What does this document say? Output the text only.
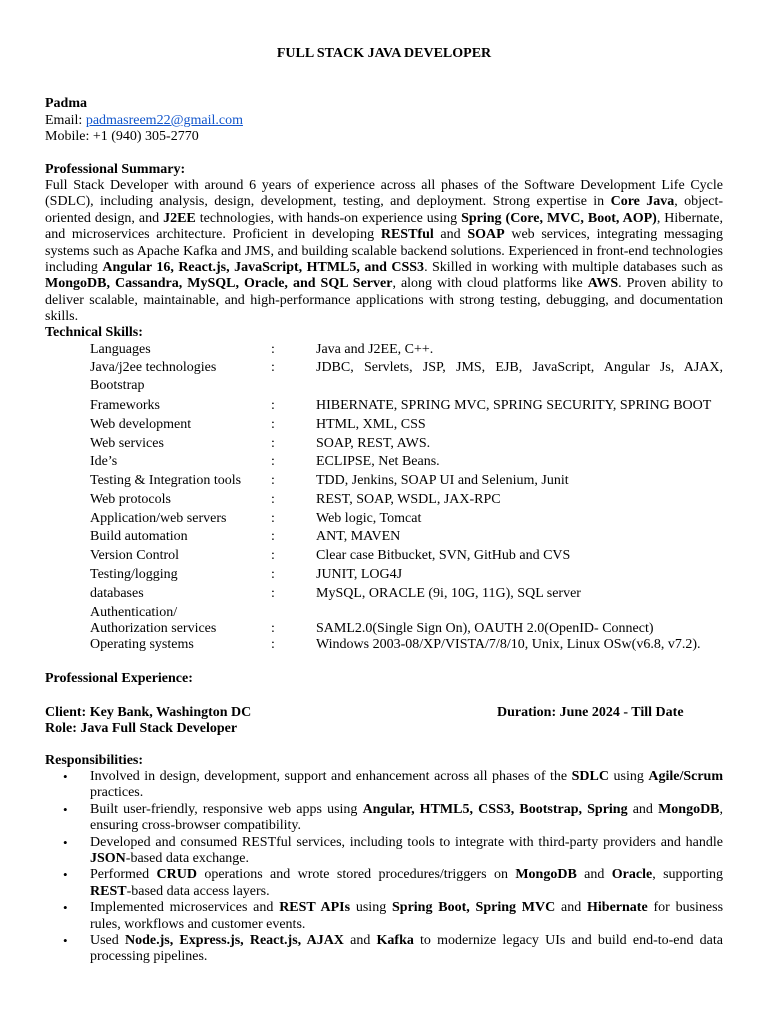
FULL STACK JAVA DEVELOPER
Padma
Email: padmasreem22@gmail.com
Mobile: +1 (940) 305-2770
Professional Summary:

Full Stack Developer with around 6 years of experience across all phases of the Software Development Life Cycle (SDLC), including analysis, design, development, testing, and deployment. Strong expertise in Core Java, object-oriented design, and J2EE technologies, with hands-on experience using Spring (Core, MVC, Boot, AOP), Hibernate, and microservices architecture. Proficient in developing RESTful and SOAP web services, integrating messaging systems such as Apache Kafka and JMS, and building scalable backend solutions. Experienced in front-end technologies including Angular 16, React.js, JavaScript, HTML5, and CSS3. Skilled in working with multiple databases such as MongoDB, Cassandra, MySQL, Oracle, and SQL Server, along with cloud platforms like AWS. Proven ability to deliver scalable, maintainable, and high-performance applications with strong testing, debugging, and documentation skills.

Technical Skills:
Languages	:	Java and J2EE, C++.
Java/j2ee technologies	:	JDBC, Servlets, JSP, JMS, EJB, JavaScript, Angular Js, AJAX,
Bootstrap
Frameworks	:	HIBERNATE, SPRING MVC, SPRING SECURITY, SPRING BOOT
Web development	:	HTML, XML, CSS
Web services	:	SOAP, REST, AWS.
Ide’s	:	ECLIPSE, Net Beans.
Testing & Integration tools :	TDD, Jenkins, SOAP UI and Selenium, Junit
Web protocols	:	REST, SOAP, WSDL, JAX-RPC
Application/web servers	:	Web logic, Tomcat
Build automation	:	ANT, MAVEN
Version Control	:	Clear case Bitbucket, SVN, GitHub and CVS
Testing/logging	:	JUNIT, LOG4J
databases	:	MySQL, ORACLE (9i, 10G, 11G), SQL server
Authentication/
Authorization services	:	SAML2.0(Single Sign On), OAUTH 2.0(OpenID- Connect)
Operating systems	:	Windows 2003-08/XP/VISTA/7/8/10, Unix, Linux OSw(v6.8, v7.2).
Professional Experience:
Client: Key Bank, Washington DC	Duration: June 2024 - Till Date
Role: Java Full Stack Developer
Responsibilities:
• Involved in design, development, support and enhancement across all phases of the SDLC using Agile/Scrum practices.
• Built user-friendly, responsive web apps using Angular, HTML5, CSS3, Bootstrap, Spring and MongoDB, ensuring cross-browser compatibility.
• Developed and consumed RESTful services, including tools to integrate with third-party providers and handle JSON-based data exchange.
• Performed CRUD operations and wrote stored procedures/triggers on MongoDB and Oracle, supporting REST-based data access layers.
• Implemented microservices and REST APIs using Spring Boot, Spring MVC and Hibernate for business rules, workflows and customer events.
• Used Node.js, Express.js, React.js, AJAX and Kafka to modernize legacy UIs and build end-to-end data processing pipelines.
